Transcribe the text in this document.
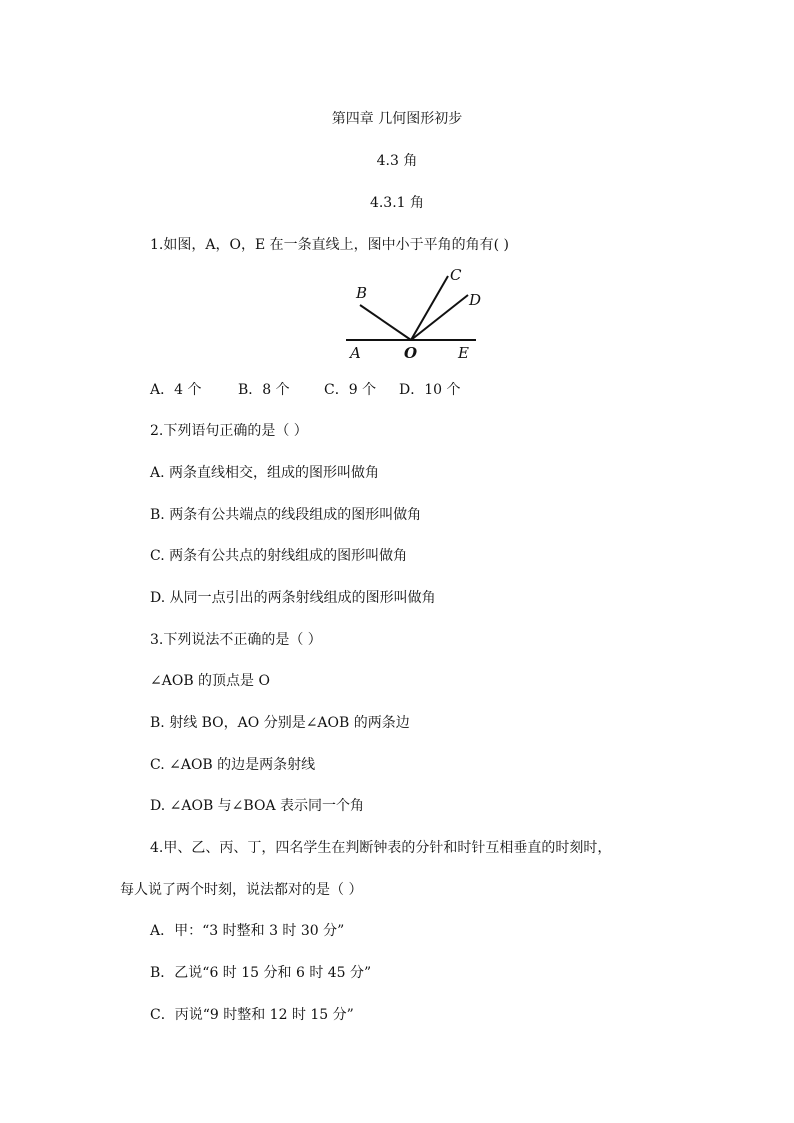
第四章 几何图形初步
4.3 角
4.3.1 角
1.如图，A，O，E 在一条直线上，图中小于平角的角有( )
A	O	E
B
C
D
A．4 个	B．8 个 C．9 个 D．10 个
2.下列语句正确的是（ ）
A. 两条直线相交，组成的图形叫做角
B. 两条有公共端点的线段组成的图形叫做角
C. 两条有公共点的射线组成的图形叫做角
D. 从同一点引出的两条射线组成的图形叫做角
3.下列说法不正确的是（ ）
∠AOB 的顶点是 O
B. 射线 BO，AO 分别是∠AOB 的两条边
C. ∠AOB 的边是两条射线
D. ∠AOB 与∠BOA 表示同一个角
4.甲、乙、丙、丁，四名学生在判断钟表的分针和时针互相垂直的时刻时，
每人说了两个时刻，说法都对的是（ ）
A．甲：“3 时整和 3 时 30 分”
B．乙说“6 时 15 分和 6 时 45 分”
C．丙说“9 时整和 12 时 15 分”
